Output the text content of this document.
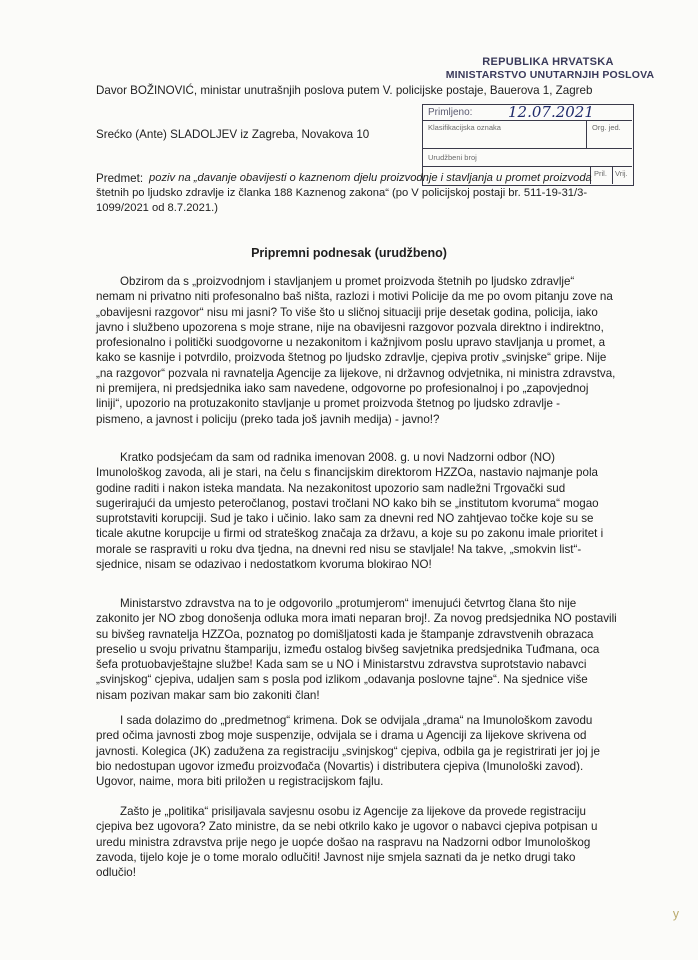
REPUBLIKA HRVATSKA
MINISTARSTVO UNUTARNJIH POSLOVA
Primljeno: 12.07.2021
Klasifikacijska oznaka	Org. jed.
Urudžbeni broj
Pril. Vrij.
Davor BOŽINOVIĆ, ministar unutrašnjih poslova putem V. policijske postaje, Bauerova 1, Zagreb
Srećko (Ante) SLADOLJEV iz Zagreba, Novakova 10
Predmet: poziv na „davanje obavijesti o kaznenom djelu proizvodnje i stavljanja u promet proizvoda
štetnih po ljudsko zdravlje iz članka 188 Kaznenog zakona“ (po V policijskoj postaji br. 511-19-31/3-
1099/2021 od 8.7.2021.)
Pripremni podnesak (urudžbeno)

Obzirom da s „proizvodnjom i stavljanjem u promet proizvoda štetnih po ljudsko zdravlje“

nemam ni privatno niti profesonalno baš ništa, razlozi i motivi Policije da me po ovom pitanju zove na

„obavijesni razgovor“ nisu mi jasni? To više što u sličnoj situaciji prije desetak godina, policija, iako

javno i službeno upozorena s moje strane, nije na obavijesni razgovor pozvala direktno i indirektno,

profesionalno i politički suodgovorne u nezakonitom i kažnjivom poslu upravo stavljanja u promet, a

kako se kasnije i potvrdilo, proizvoda štetnog po ljudsko zdravlje, cjepiva protiv „svinjske“ gripe. Nije

„na razgovor“ pozvala ni ravnatelja Agencije za lijekove, ni državnog odvjetnika, ni ministra zdravstva,

ni premijera, ni predsjednika iako sam navedene, odgovorne po profesionalnoj i po „zapovjednoj

liniji“, upozorio na protuzakonito stavljanje u promet proizvoda štetnog po ljudsko zdravlje -

pismeno, a javnost i policiju (preko tada još javnih medija) - javno!?

Kratko podsjećam da sam od radnika imenovan 2008. g. u novi Nadzorni odbor (NO)

Imunološkog zavoda, ali je stari, na čelu s financijskim direktorom HZZOa, nastavio najmanje pola

godine raditi i nakon isteka mandata. Na nezakonitost upozorio sam nadležni Trgovački sud

sugerirajući da umjesto peteročlanog, postavi tročlani NO kako bih se „institutom kvoruma“ mogao

suprotstaviti korupciji. Sud je tako i učinio. Iako sam za dnevni red NO zahtjevao točke koje su se

ticale akutne korupcije u firmi od strateškog značaja za državu, a koje su po zakonu imale prioritet i

morale se raspraviti u roku dva tjedna, na dnevni red nisu se stavljale! Na takve, „smokvin list“-

sjednice, nisam se odazivao i nedostatkom kvoruma blokirao NO!

Ministarstvo zdravstva na to je odgovorilo „protumjerom“ imenujući četvrtog člana što nije

zakonito jer NO zbog donošenja odluka mora imati neparan broj!. Za novog predsjednika NO postavili

su bivšeg ravnatelja HZZOa, poznatog po domišljatosti kada je štampanje zdravstvenih obrazaca

preselio u svoju privatnu štampariju, između ostalog bivšeg savjetnika predsjednika Tuđmana, oca

šefa protuobavještajne službe! Kada sam se u NO i Ministarstvu zdravstva suprotstavio nabavci

„svinjskog“ cjepiva, udaljen sam s posla pod izlikom „odavanja poslovne tajne“. Na sjednice više

nisam pozivan makar sam bio zakoniti član!

I sada dolazimo do „predmetnog“ krimena. Dok se odvijala „drama“ na Imunološkom zavodu

pred očima javnosti zbog moje suspenzije, odvijala se i drama u Agenciji za lijekove skrivena od

javnosti. Kolegica (JK) zadužena za registraciju „svinjskog“ cjepiva, odbila ga je registrirati jer joj je

bio nedostupan ugovor između proizvođača (Novartis) i distributera cjepiva (Imunološki zavod).

Ugovor, naime, mora biti priložen u registracijskom fajlu.

Zašto je „politika“ prisiljavala savjesnu osobu iz Agencije za lijekove da provede registraciju

cjepiva bez ugovora? Zato ministre, da se nebi otkrilo kako je ugovor o nabavci cjepiva potpisan u

uredu ministra zdravstva prije nego je uopće došao na raspravu na Nadzorni odbor Imunološkog

zavoda, tijelo koje je o tome moralo odlučiti! Javnost nije smjela saznati da je netko drugi tako

odlučio!

ʸ
